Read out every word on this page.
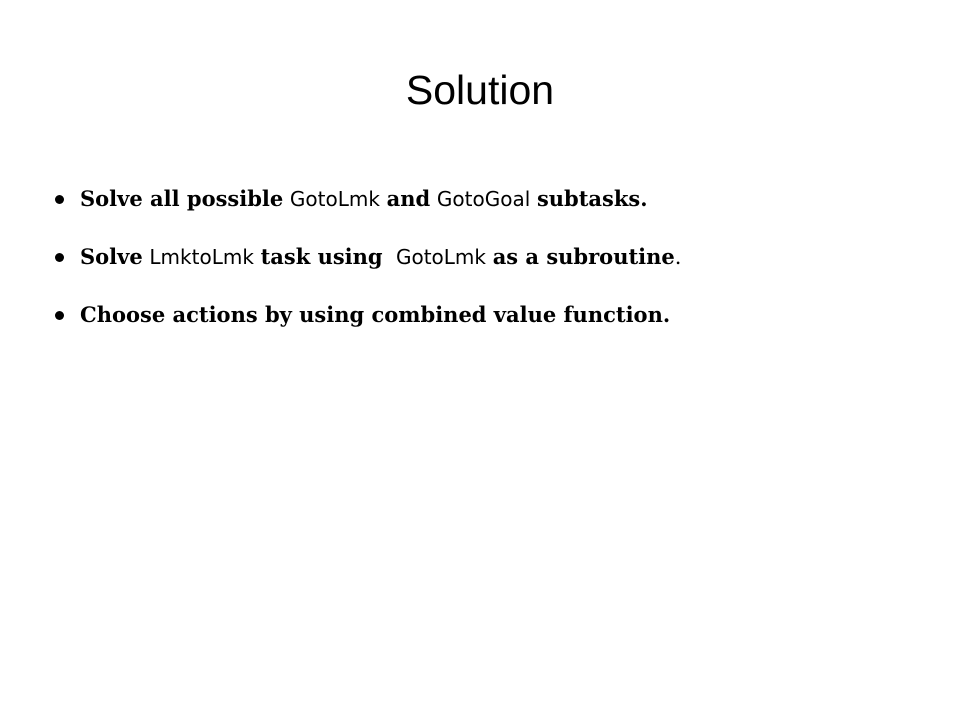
Solution
Solve all possible GotoLmk and GotoGoal subtasks.
Solve LmktoLmk task using GotoLmk as a subroutine.
Choose actions by using combined value function.
